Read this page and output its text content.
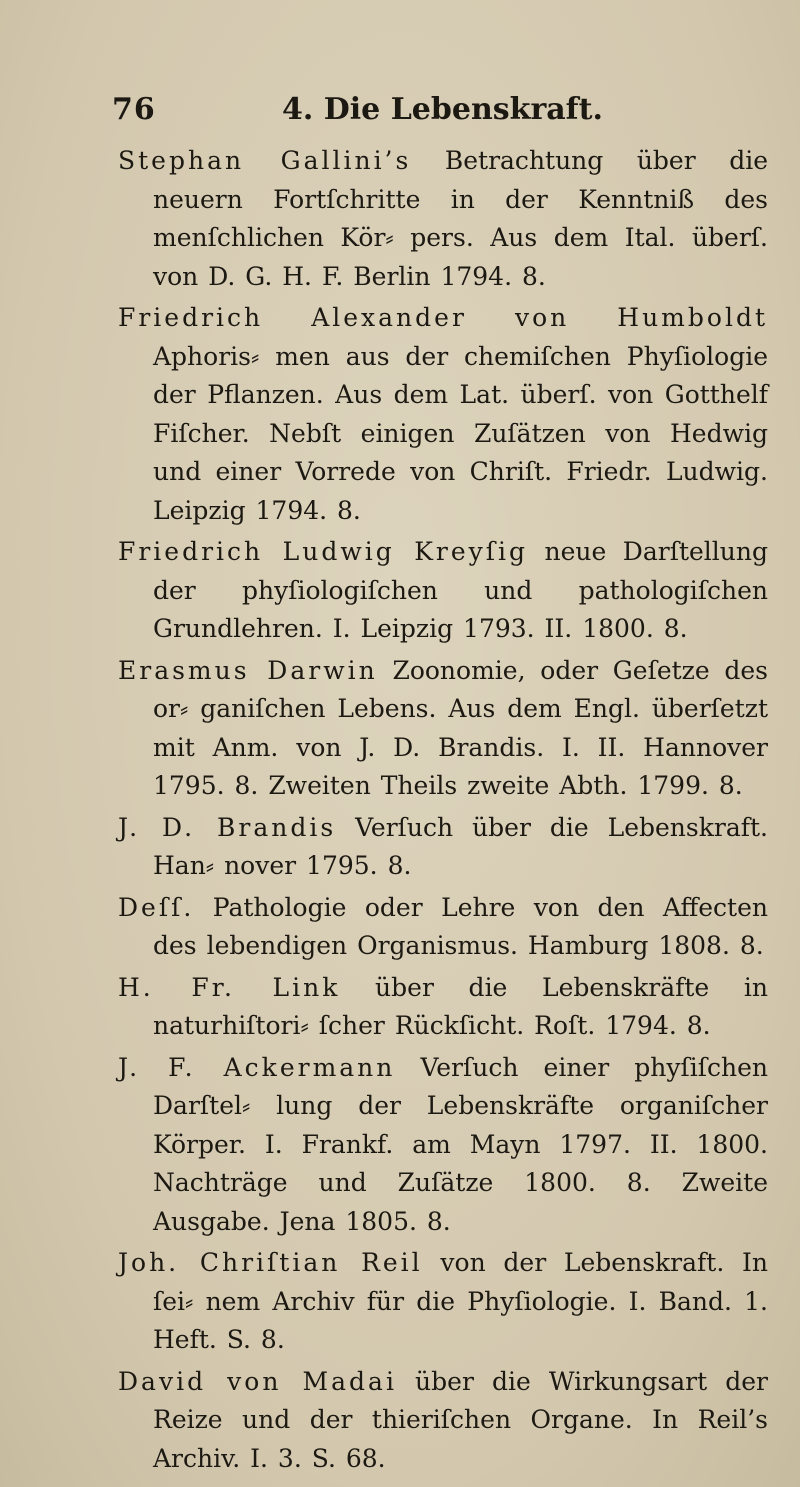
76	4. Die Lebenskraft.

Stephan Gallini’s Betrachtung über die neuern Fortſchritte in der Kenntniß des menſchlichen Kör⸗ pers. Aus dem Ital. überſ. von D. G. H. F. Berlin 1794. 8.

Friedrich Alexander von Humboldt Aphoris⸗ men aus der chemiſchen Phyſiologie der Pflanzen. Aus dem Lat. überſ. von Gotthelf Fiſcher. Nebſt einigen Zuſätzen von Hedwig und einer Vorrede von Chriſt. Friedr. Ludwig. Leipzig 1794. 8.

Friedrich Ludwig Kreyſig neue Darſtellung der phyſiologiſchen und pathologiſchen Grundlehren. I. Leipzig 1793. II. 1800. 8.

Erasmus Darwin Zoonomie, oder Geſetze des or⸗ ganiſchen Lebens. Aus dem Engl. überſetzt mit Anm. von J. D. Brandis. I. II. Hannover 1795. 8. Zweiten Theils zweite Abth. 1799. 8.

J. D. Brandis Verſuch über die Lebenskraft. Han⸗ nover 1795. 8.

Deſſ. Pathologie oder Lehre von den Affecten des lebendigen Organismus. Hamburg 1808. 8.

H. Fr. Link über die Lebenskräfte in naturhiſtori⸗ ſcher Rückſicht. Roſt. 1794. 8.

J. F. Ackermann Verſuch einer phyſiſchen Darſtel⸗ lung der Lebenskräfte organiſcher Körper. I. Frankf. am Mayn 1797. II. 1800. Nachträge und Zuſätze 1800. 8. Zweite Ausgabe. Jena 1805. 8.

Joh. Chriſtian Reil von der Lebenskraft. In ſei⸗ nem Archiv für die Phyſiologie. I. Band. 1. Heft. S. 8.

David von Madai über die Wirkungsart der Reize und der thieriſchen Organe. In Reil’s Archiv. I. 3. S. 68.
